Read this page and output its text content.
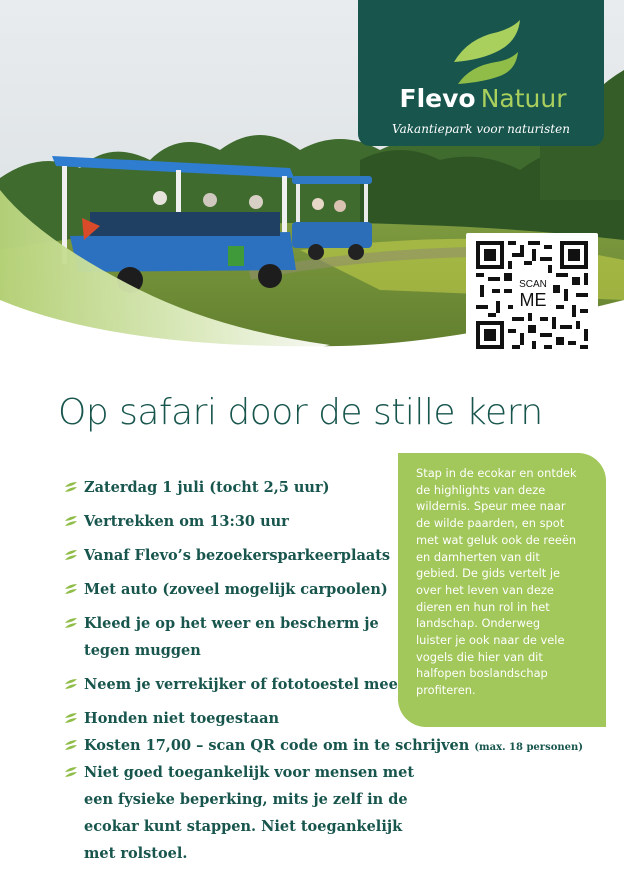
Flevo Natuur
Vakantiepark voor naturisten
SCAN
ME
Op safari door de stille kern
Zaterdag 1 juli (tocht 2,5 uur)
Vertrekken om 13:30 uur
Vanaf Flevo’s bezoekersparkeerplaats
Met auto (zoveel mogelijk carpoolen)
Kleed je op het weer en bescherm je
tegen muggen
Neem je verrekijker of fototoestel mee
Honden niet toegestaan
Kosten 17,00 – scan QR code om in te schrijven (max. 18 personen)
Niet goed toegankelijk voor mensen met
een fysieke beperking, mits je zelf in de
ecokar kunt stappen. Niet toegankelijk
met rolstoel.
Stap in de ecokar en ontdek
de highlights van deze
wildernis. Speur mee naar
de wilde paarden, en spot
met wat geluk ook de reeën
en damherten van dit
gebied. De gids vertelt je
over het leven van deze
dieren en hun rol in het
landschap. Onderweg
luister je ook naar de vele
vogels die hier van dit
halfopen boslandschap
profiteren.
